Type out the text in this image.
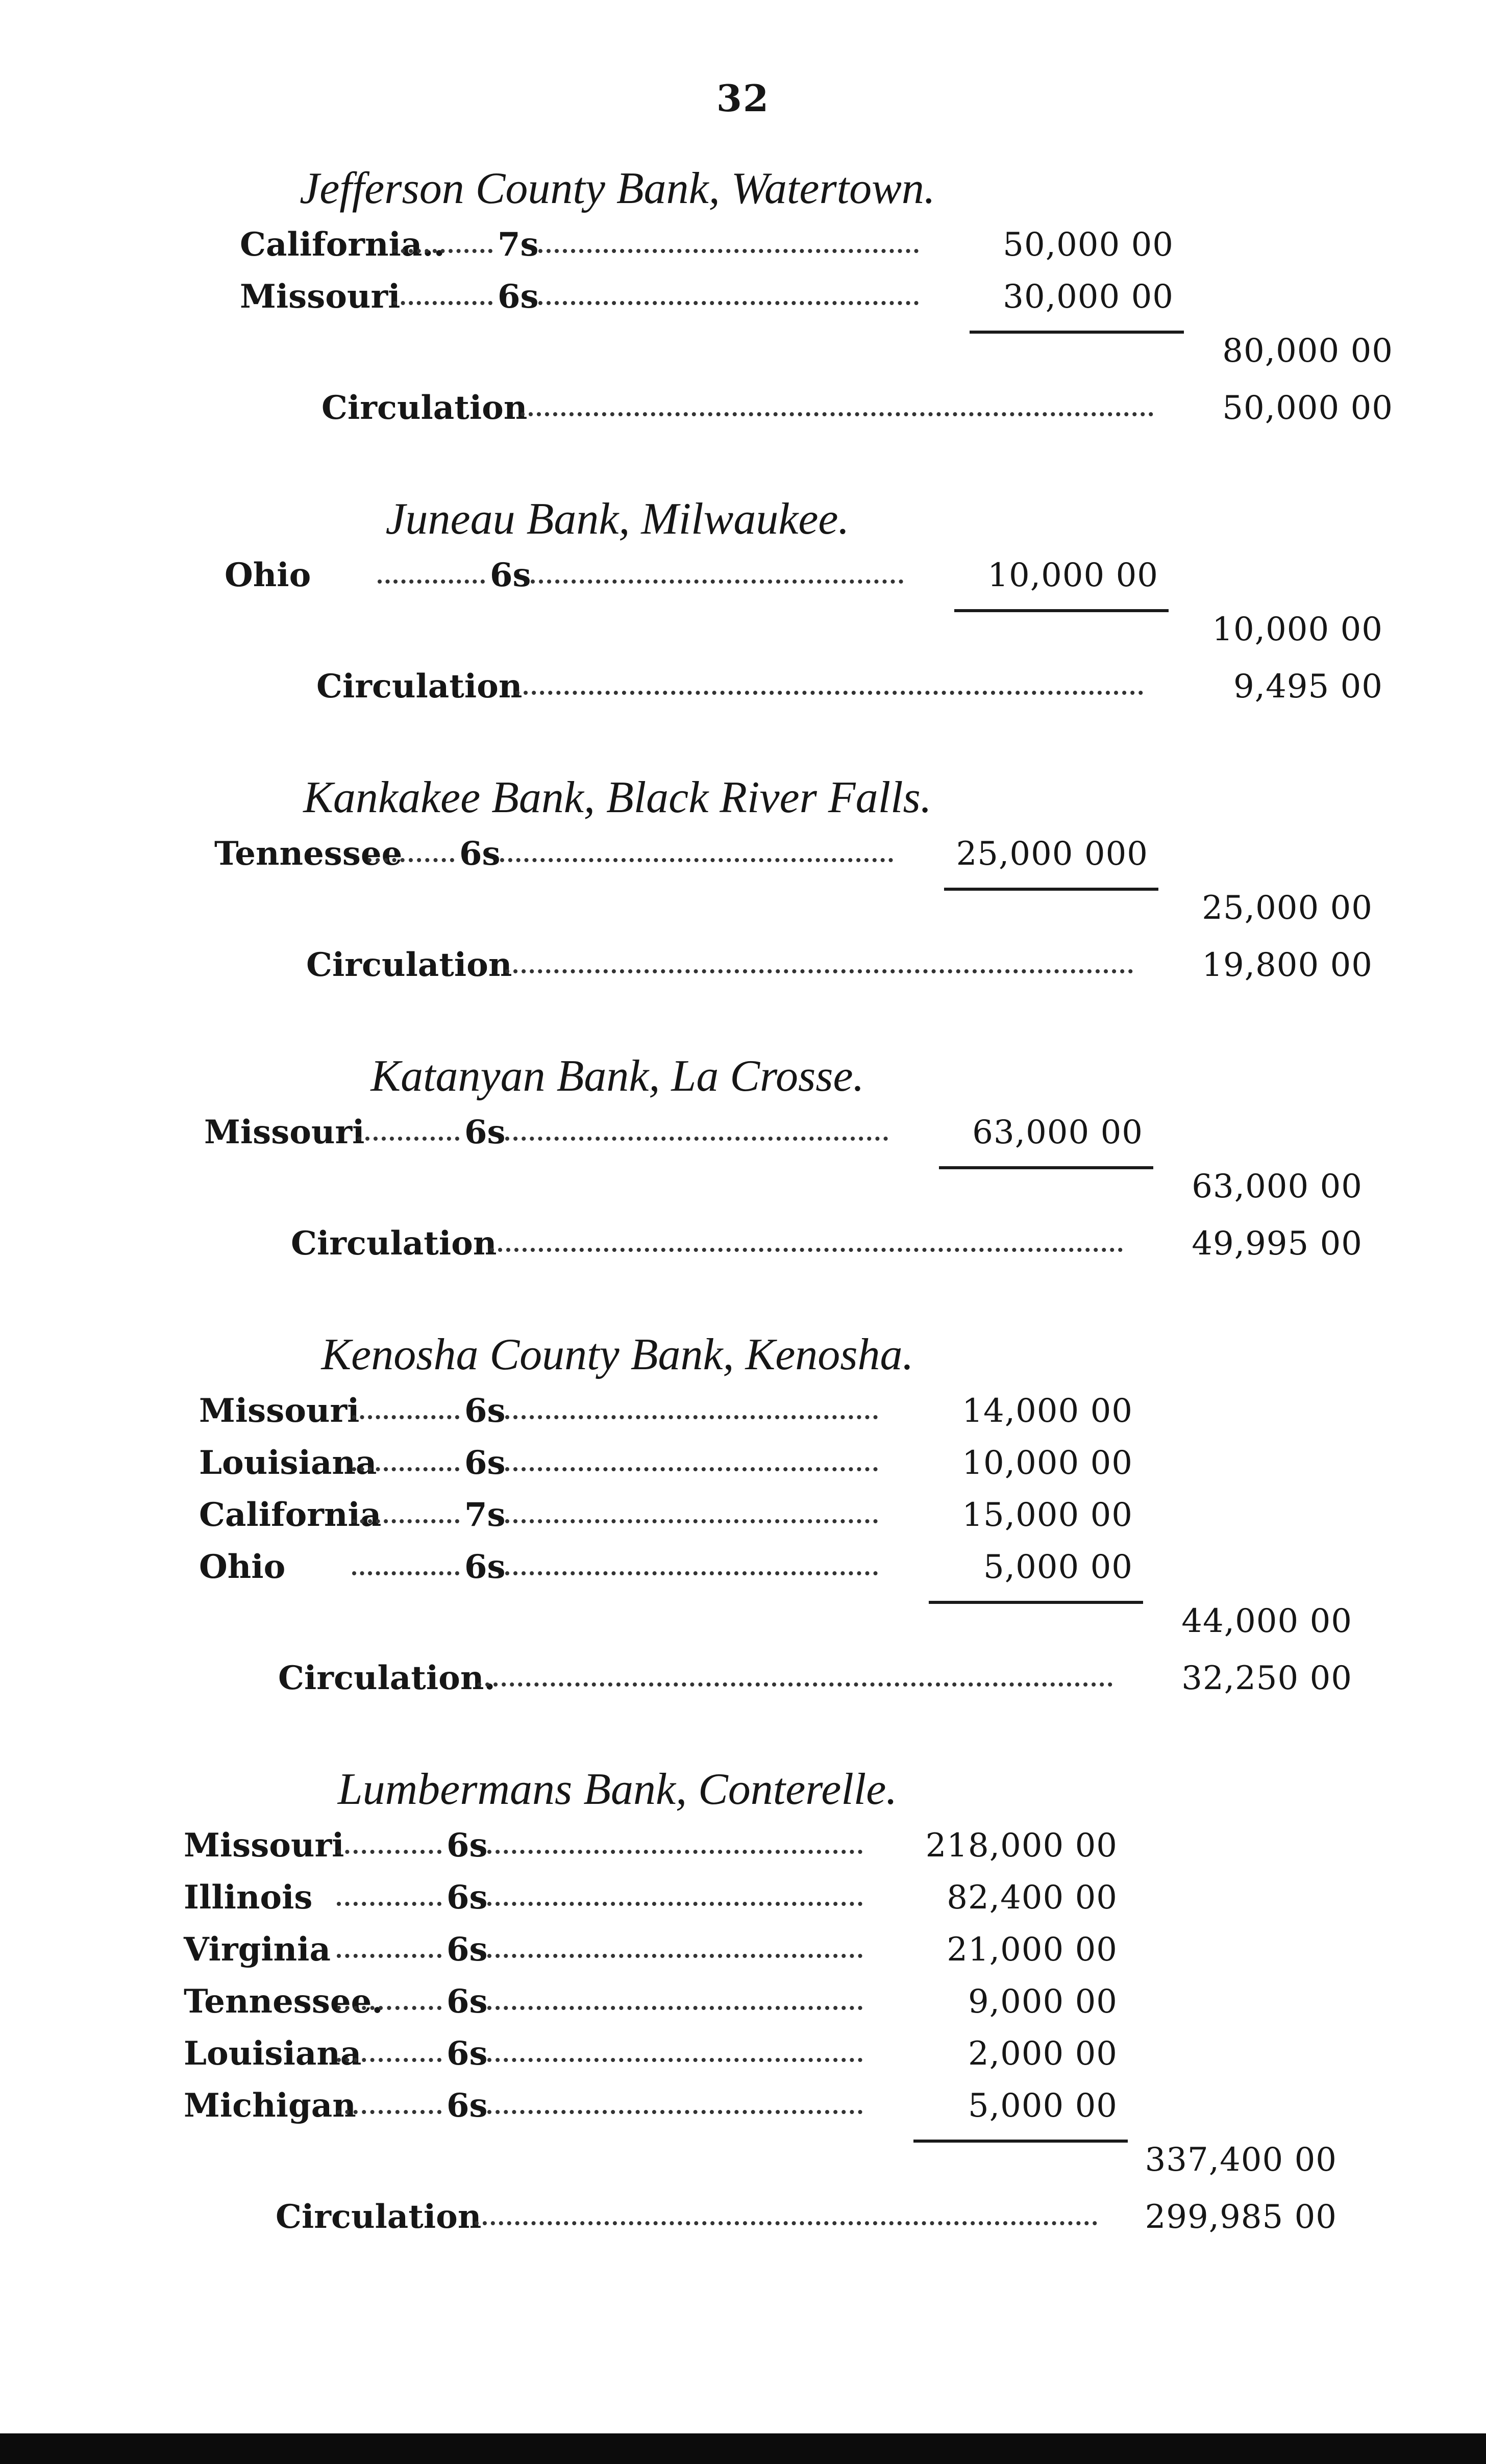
32
Jefferson County Bank, Watertown.
California.. 7s	50,000 00
Missouri	6s	30,000 00
80,000 00
Circulation	50,000 00
Juneau Bank, Milwaukee.
Ohio	6s	10,000 00
10,000 00
Circulation	9,495 00
Kankakee Bank, Black River Falls.
Tennessee 6s	25,000 000
25,000 00
Circulation	19,800 00
Katanyan Bank, La Crosse.
Missouri	6s	63,000 00
63,000 00
Circulation	49,995 00
Kenosha County Bank, Kenosha.
Missouri	6s	14,000 00
Louisiana	6s	10,000 00
California	7s	15,000 00
Ohio	6s	5,000 00
44,000 00
Circulation.	32,250 00
Lumbermans Bank, Conterelle.
Missouri	6s	218,000 00
Illinois	6s	82,400 00
Virginia	6s	21,000 00
Tennessee. 6s	9,000 00
Louisiana	6s	2,000 00
Michigan	6s	5,000 00
337,400 00
Circulation	299,985 00
